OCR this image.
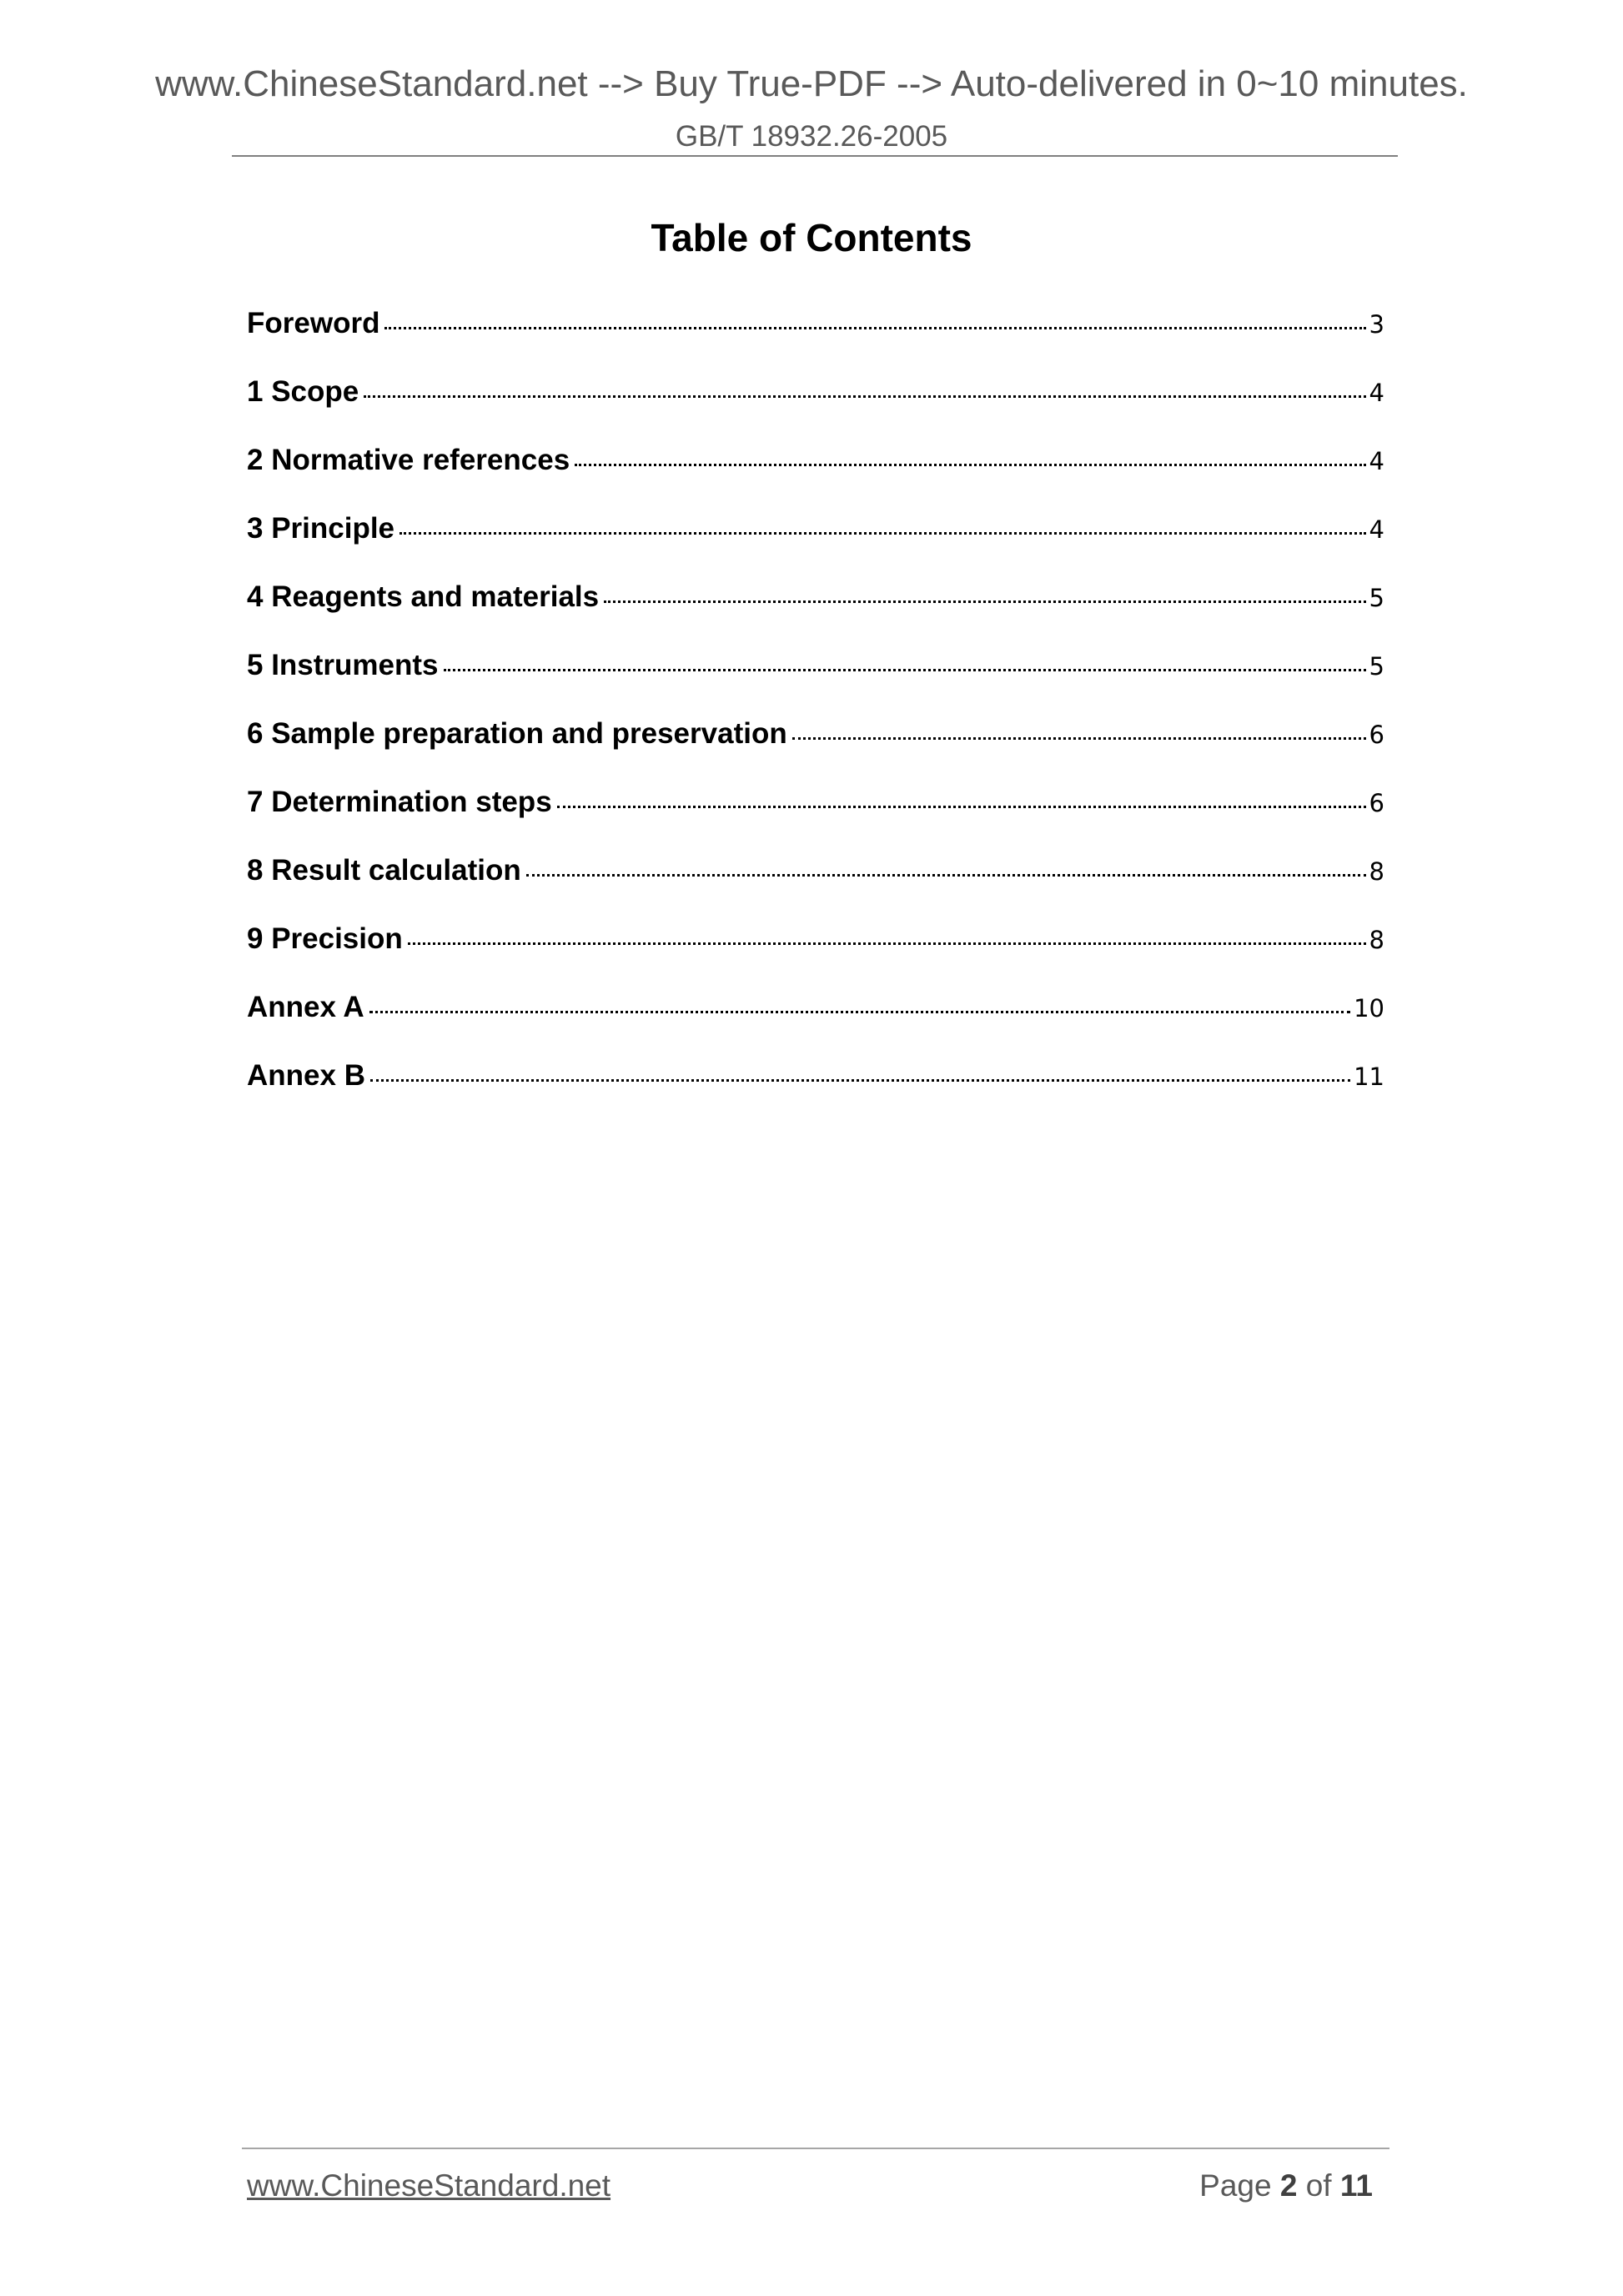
www.ChineseStandard.net --> Buy True-PDF --> Auto-delivered in 0~10 minutes.
GB/T 18932.26-2005
Table of Contents
Foreword	3
1 Scope	4
2 Normative references	4
3 Principle	4
4 Reagents and materials	5
5 Instruments	5
6 Sample preparation and preservation	6
7 Determination steps	6
8 Result calculation	8
9 Precision	8
Annex A	10
Annex B	11
www.ChineseStandard.net	Page 2 of 11
